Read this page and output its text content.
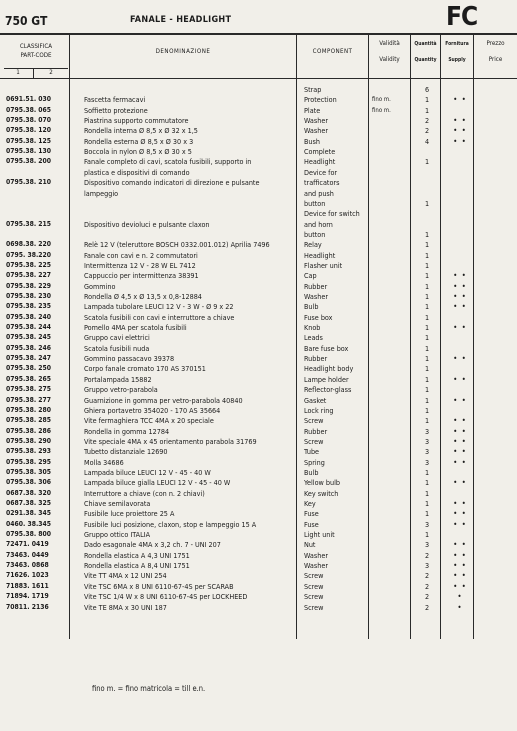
750 GT	FANALE - HEADLIGHT	FC
CLASSIFICA
PART-CODE
1	2
DENOMINAZIONE	COMPONENT
Validità
Validity
Quantità
Quantity
Fornitura
Supply
Prezzo
Price
Strap	6
0691.51. 030	Fascetta fermacavi	Protection	fino m.	1	• •
0795.38. 065	Soffietto protezione	Plate	fino m.	1
0795.38. 070	Piastrina supporto commutatore	Washer	2	• •
0795.38. 120	Rondella interna Ø 8,5 x Ø 32 x 1,5	Washer	2	• •
0795.38. 125	Rondella esterna Ø 8,5 x Ø 30 x 3	Bush	4	• •
0795.38. 130	Boccola in nylon Ø 8,5 x Ø 30 x 5	Complete
0795.38. 200	Fanale completo di cavi, scatola fusibili, supporto in	Headlight	1
plastica e dispositivi di comando	Device for
0795.38. 210	Dispositivo comando indicatori di direzione e pulsante	trafficators
lampeggio	and push
button	1
Device for switch
0795.38. 215	Dispositivo devioluci e pulsante claxon	and horn
button	1
0698.38. 220	Relè 12 V (teleruttore BOSCH 0332.001.012) Aprilia 7496	Relay	1
0795. 38.220	Fanale con cavi e n. 2 commutatori	Headlight	1
0795.38. 225	Intermittenza 12 V - 28 W EL 7412	Flasher unit	1
0795.38. 227	Cappuccio per intermittenza 38391	Cap	1	• •
0795.38. 229	Gommino	Rubber	1	• •
0795.38. 230	Rondella Ø 4,5 x Ø 13,5 x 0,8-12884	Washer	1	• •
0795.38. 235	Lampada tubolare LEUCI 12 V - 3 W - Ø 9 x 22	Bulb	1	• •
0795.38. 240	Scatola fusibili con cavi e interruttore a chiave	Fuse box	1
0795.38. 244	Pomello 4MA per scatola fusibili	Knob	1	• •
0795.38. 245	Gruppo cavi elettrici	Leads	1
0795.38. 246	Scatola fusibili nuda	Bare fuse box	1
0795.38. 247	Gommino passacavo 39378	Rubber	1	• •
0795.38. 250	Corpo fanale cromato 170 AS 370151	Headlight body	1
0795.38. 265	Portalampada 15882	Lampe holder	1	• •
0795.38. 275	Gruppo vetro-parabola	Reflector-glass	1
0795.38. 277	Guarnizione in gomma per vetro-parabola 40840	Gasket	1	• •
0795.38. 280	Ghiera portavetro 354020 - 170 AS 35664	Lock ring	1
0795.38. 285	Vite fermaghiera TCC 4MA x 20 speciale	Screw	1	• •
0795.38. 286	Rondella in gomma 12784	Rubber	3	• •
0795.38. 290	Vite speciale 4MA x 45 orientamento parabola 31769	Screw	3	• •
0795.38. 293	Tubetto distanziale 12690	Tube	3	• •
0795.38. 295	Molla 34686	Spring	3	• •
0795.38. 305	Lampada biluce LEUCI 12 V - 45 - 40 W	Bulb	1
0795.38. 306	Lampada biluce gialla LEUCI 12 V - 45 - 40 W	Yellow bulb	1	• •
0687.38. 320	Interruttore a chiave (con n. 2 chiavi)	Key switch	1
0687.38. 325	Chiave semilavorata	Key	1	• •
0291.38. 345	Fusibile luce proiettore 25 A	Fuse	1	• •
0460. 38.345	Fusibile luci posizione, claxon, stop e lampeggio 15 A	Fuse	3	• •
0795.38. 800	Gruppo ottico ITALIA	Light unit	1
72471. 0419	Dado esagonale 4MA x 3,2 ch. 7 - UNI 207	Nut	3	• •
73463. 0449	Rondella elastica A 4,3 UNI 1751	Washer	2	• •
73463. 0868	Rondella elastica A 8,4 UNI 1751	Washer	3	• •
71626. 1023	Vite TT 4MA x 12 UNI 254	Screw	2	• •
71883. 1611	Vite TSC 6MA x 8 UNI 6110-67-4S per SCARAB	Screw	2	• •
71894. 1719	Vite TSC 1/4 W x 8 UNI 6110-67-4S per LOCKHEED	Screw	2	•
70811. 2136	Vite TE 8MA x 30 UNI 187	Screw	2	•
fino m. = fino matricola = till e.n.
